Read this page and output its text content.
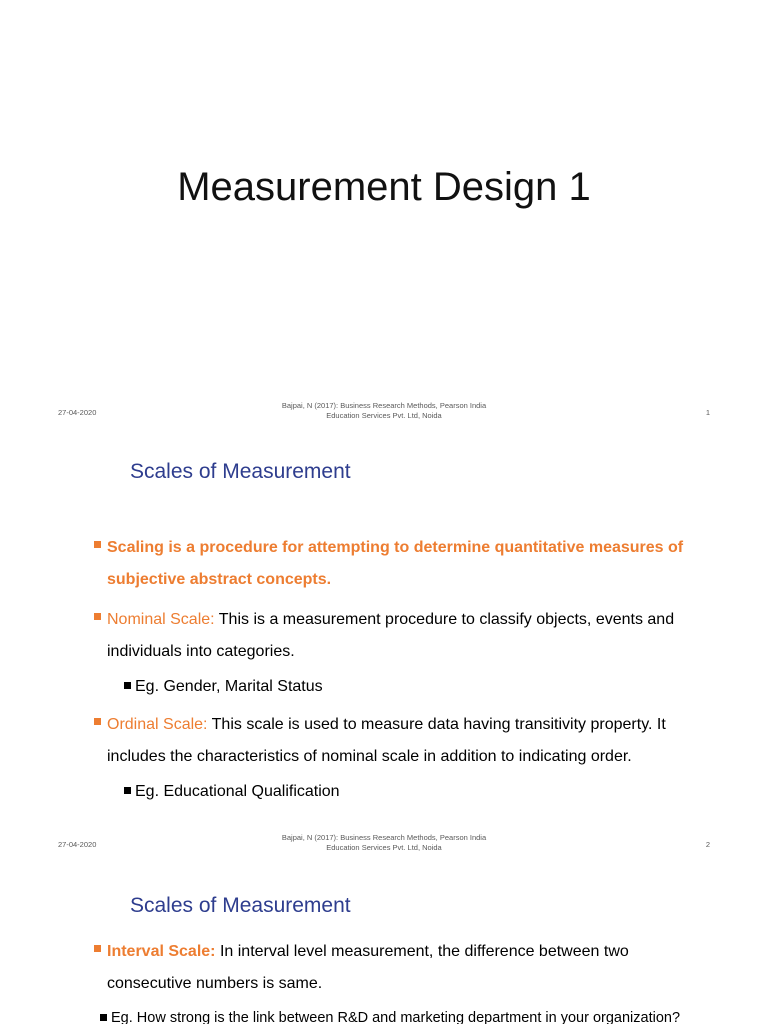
Measurement Design 1
27-04-2020
Bajpai, N (2017): Business Research Methods, Pearson India
Education Services Pvt. Ltd, Noida	1
Scales of Measurement
Scaling is a procedure for attempting to determine quantitative measures of subjective abstract concepts.
Nominal Scale: This is a measurement procedure to classify objects, events and individuals into categories.
Eg. Gender, Marital Status
Ordinal Scale: This scale is used to measure data having transitivity property. It includes the characteristics of nominal scale in addition to indicating order.
Eg. Educational Qualification
27-04-2020
Bajpai, N (2017): Business Research Methods, Pearson India
Education Services Pvt. Ltd, Noida	2
Scales of Measurement
Interval Scale: In interval level measurement, the difference between two consecutive numbers is same.
Eg. How strong is the link between R&D and marketing department in your organization?
